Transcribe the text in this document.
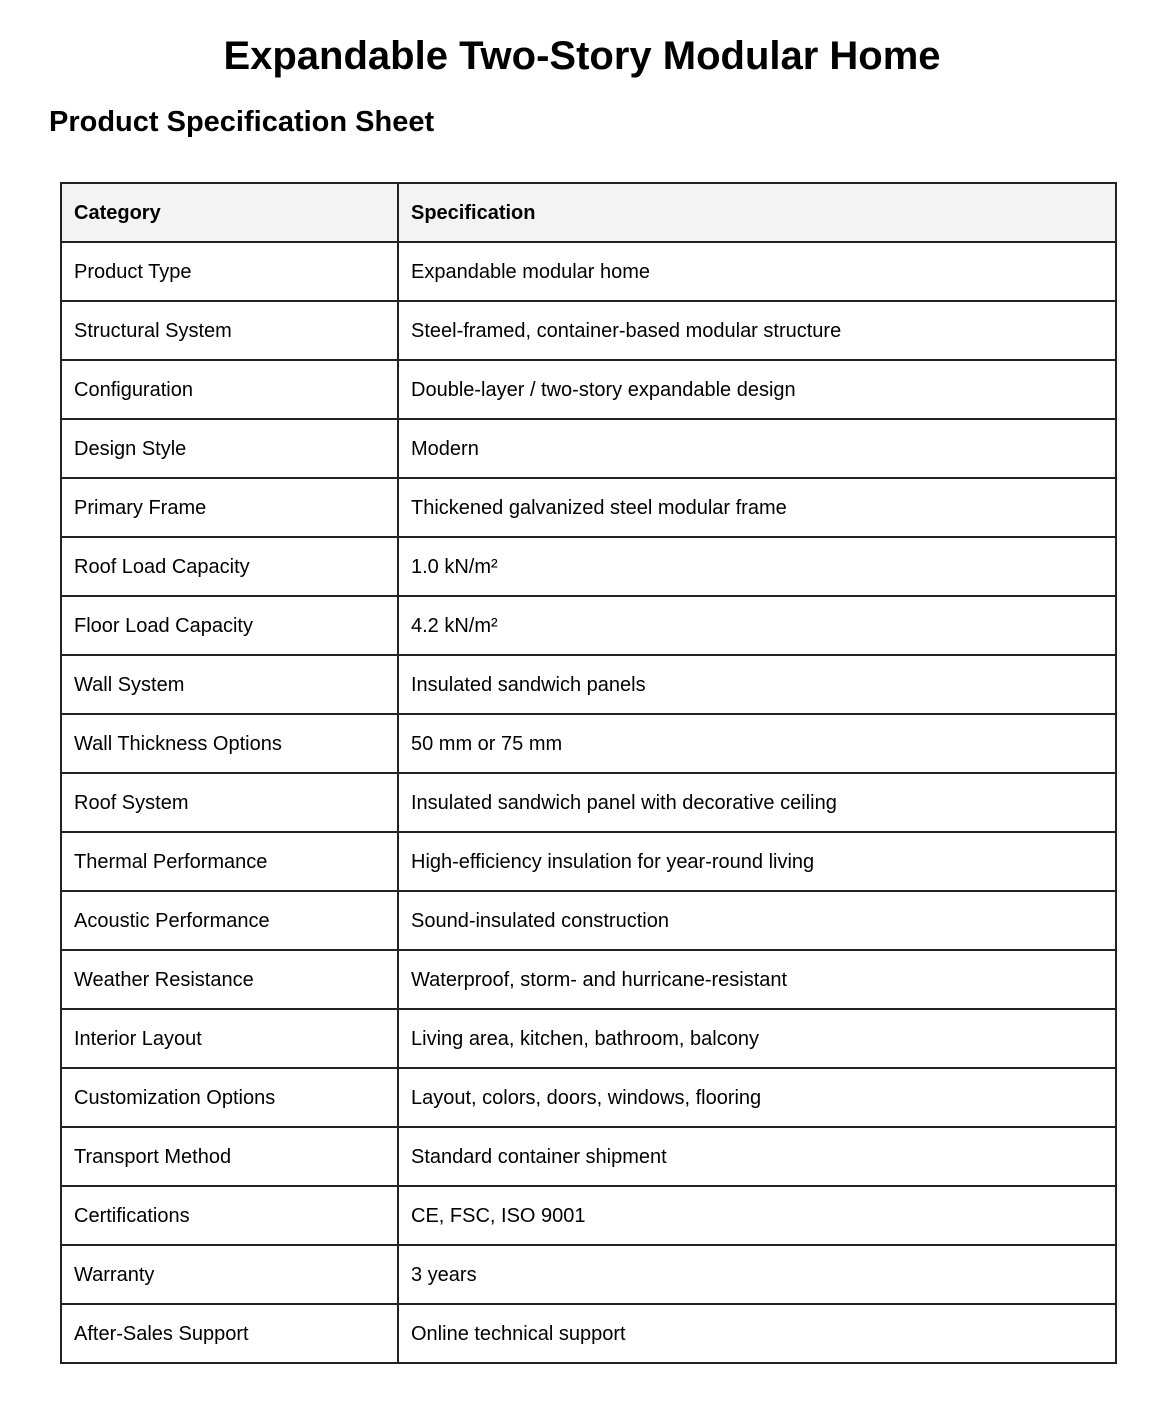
Expandable Two-Story Modular Home
Product Specification Sheet
Category	Specification
Product Type	Expandable modular home
Structural System	Steel-framed, container-based modular structure
Configuration	Double-layer / two-story expandable design
Design Style	Modern
Primary Frame	Thickened galvanized steel modular frame
Roof Load Capacity	1.0 kN/m²
Floor Load Capacity	4.2 kN/m²
Wall System	Insulated sandwich panels
Wall Thickness Options	50 mm or 75 mm
Roof System	Insulated sandwich panel with decorative ceiling
Thermal Performance	High-efficiency insulation for year-round living
Acoustic Performance	Sound-insulated construction
Weather Resistance	Waterproof, storm- and hurricane-resistant
Interior Layout	Living area, kitchen, bathroom, balcony
Customization Options	Layout, colors, doors, windows, flooring
Transport Method	Standard container shipment
Certifications	CE, FSC, ISO 9001
Warranty	3 years
After-Sales Support	Online technical support
